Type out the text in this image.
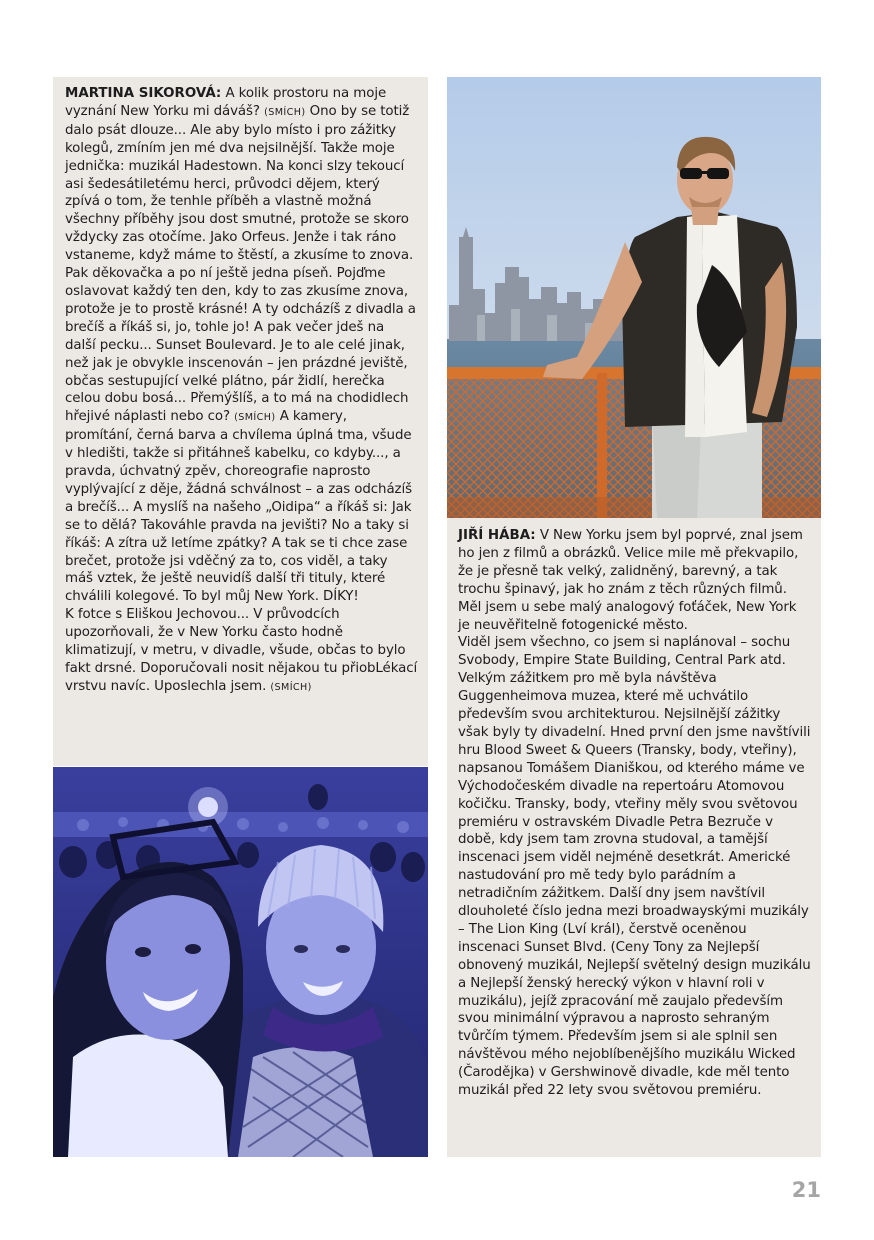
MARTINA SIKOROVÁ: A kolik prostoru na moje vyznání New Yorku mi dáváš? (SMÍCH) Ono by se totiž dalo psát dlouze... Ale aby bylo místo i pro zážitky kolegů, zmíním jen mé dva nejsilnější. Takže moje jednička: muzikál Hadestown. Na konci slzy tekoucí asi šedesátiletému herci, průvodci dějem, který zpívá o tom, že tenhle příběh a vlastně možná všechny příběhy jsou dost smutné, protože se skoro vždycky zas otočíme. Jako Orfeus. Jenže i tak ráno vstaneme, když máme to štěstí, a zkusíme to znova. Pak děkovačka a po ní ještě jedna píseň. Pojďme oslavovat každý ten den, kdy to zas zkusíme znova, protože je to prostě krásné! A ty odcházíš z divadla a brečíš a říkáš si, jo, tohle jo! A pak večer jdeš na další pecku... Sunset Boulevard. Je to ale celé jinak, než jak je obvykle inscenován – jen prázdné jeviště, občas sestupující velké plátno, pár židlí, herečka celou dobu bosá... Přemýšlíš, a to má na chodidlech hřejivé náplasti nebo co? (SMÍCH) A kamery, promítání, černá barva a chvílema úplná tma, všude v hledišti, takže si přitáhneš kabelku, co kdyby..., a pravda, úchvatný zpěv, choreografie naprosto vyplývající z děje, žádná schválnost – a zas odcházíš a brečíš... A myslíš na našeho „Oidipa“ a říkáš si: Jak se to dělá? Takováhle pravda na jevišti? No a taky si říkáš: A zítra už letíme zpátky? A tak se ti chce zase brečet, protože jsi vděčný za to, cos viděl, a taky máš vztek, že ještě neuvidíš další tři tituly, které chválili kolegové. To byl můj New York. DÍKY!

K fotce s Eliškou Jechovou... V průvodcích upozorňovali, že v New Yorku často hodně klimatizují, v metru, v divadle, všude, občas to bylo fakt drsné. Doporučovali nosit nějakou tu přiobLékací vrstvu navíc. Uposlechla jsem. (SMÍCH)

JIŘÍ HÁBA: V New Yorku jsem byl poprvé, znal jsem ho jen z filmů a obrázků. Velice mile mě překvapilo, že je přesně tak velký, zalidněný, barevný, a tak trochu špinavý, jak ho znám z těch různých filmů. Měl jsem u sebe malý analogový foťáček, New York je neuvěřitelně fotogenické město.

Viděl jsem všechno, co jsem si naplánoval – sochu Svobody, Empire State Building, Central Park atd. Velkým zážitkem pro mě byla návštěva Guggenheimova muzea, které mě uchvátilo především svou architekturou. Nejsilnější zážitky však byly ty divadelní. Hned první den jsme navštívili hru Blood Sweet & Queers (Transky, body, vteřiny), napsanou Tomášem Dianiškou, od kterého máme ve Východočeském divadle na repertoáru Atomovou kočičku. Transky, body, vteřiny měly svou světovou premiéru v ostravském Divadle Petra Bezruče v době, kdy jsem tam zrovna studoval, a tamější inscenaci jsem viděl nejméně desetkrát. Americké nastudování pro mě tedy bylo parádním a netradičním zážitkem. Další dny jsem navštívil dlouholeté číslo jedna mezi broadwayskými muzikály – The Lion King (Lví král), čerstvě oceněnou inscenaci Sunset Blvd. (Ceny Tony za Nejlepší obnovený muzikál, Nejlepší světelný design muzikálu a Nejlepší ženský herecký výkon v hlavní roli v muzikálu), jejíž zpracování mě zaujalo především svou minimální výpravou a naprosto sehraným tvůrčím týmem. Především jsem si ale splnil sen návštěvou mého nejoblíbenějšího muzikálu Wicked (Čarodějka) v Gershwinově divadle, kde měl tento muzikál před 22 lety svou světovou premiéru.

21
